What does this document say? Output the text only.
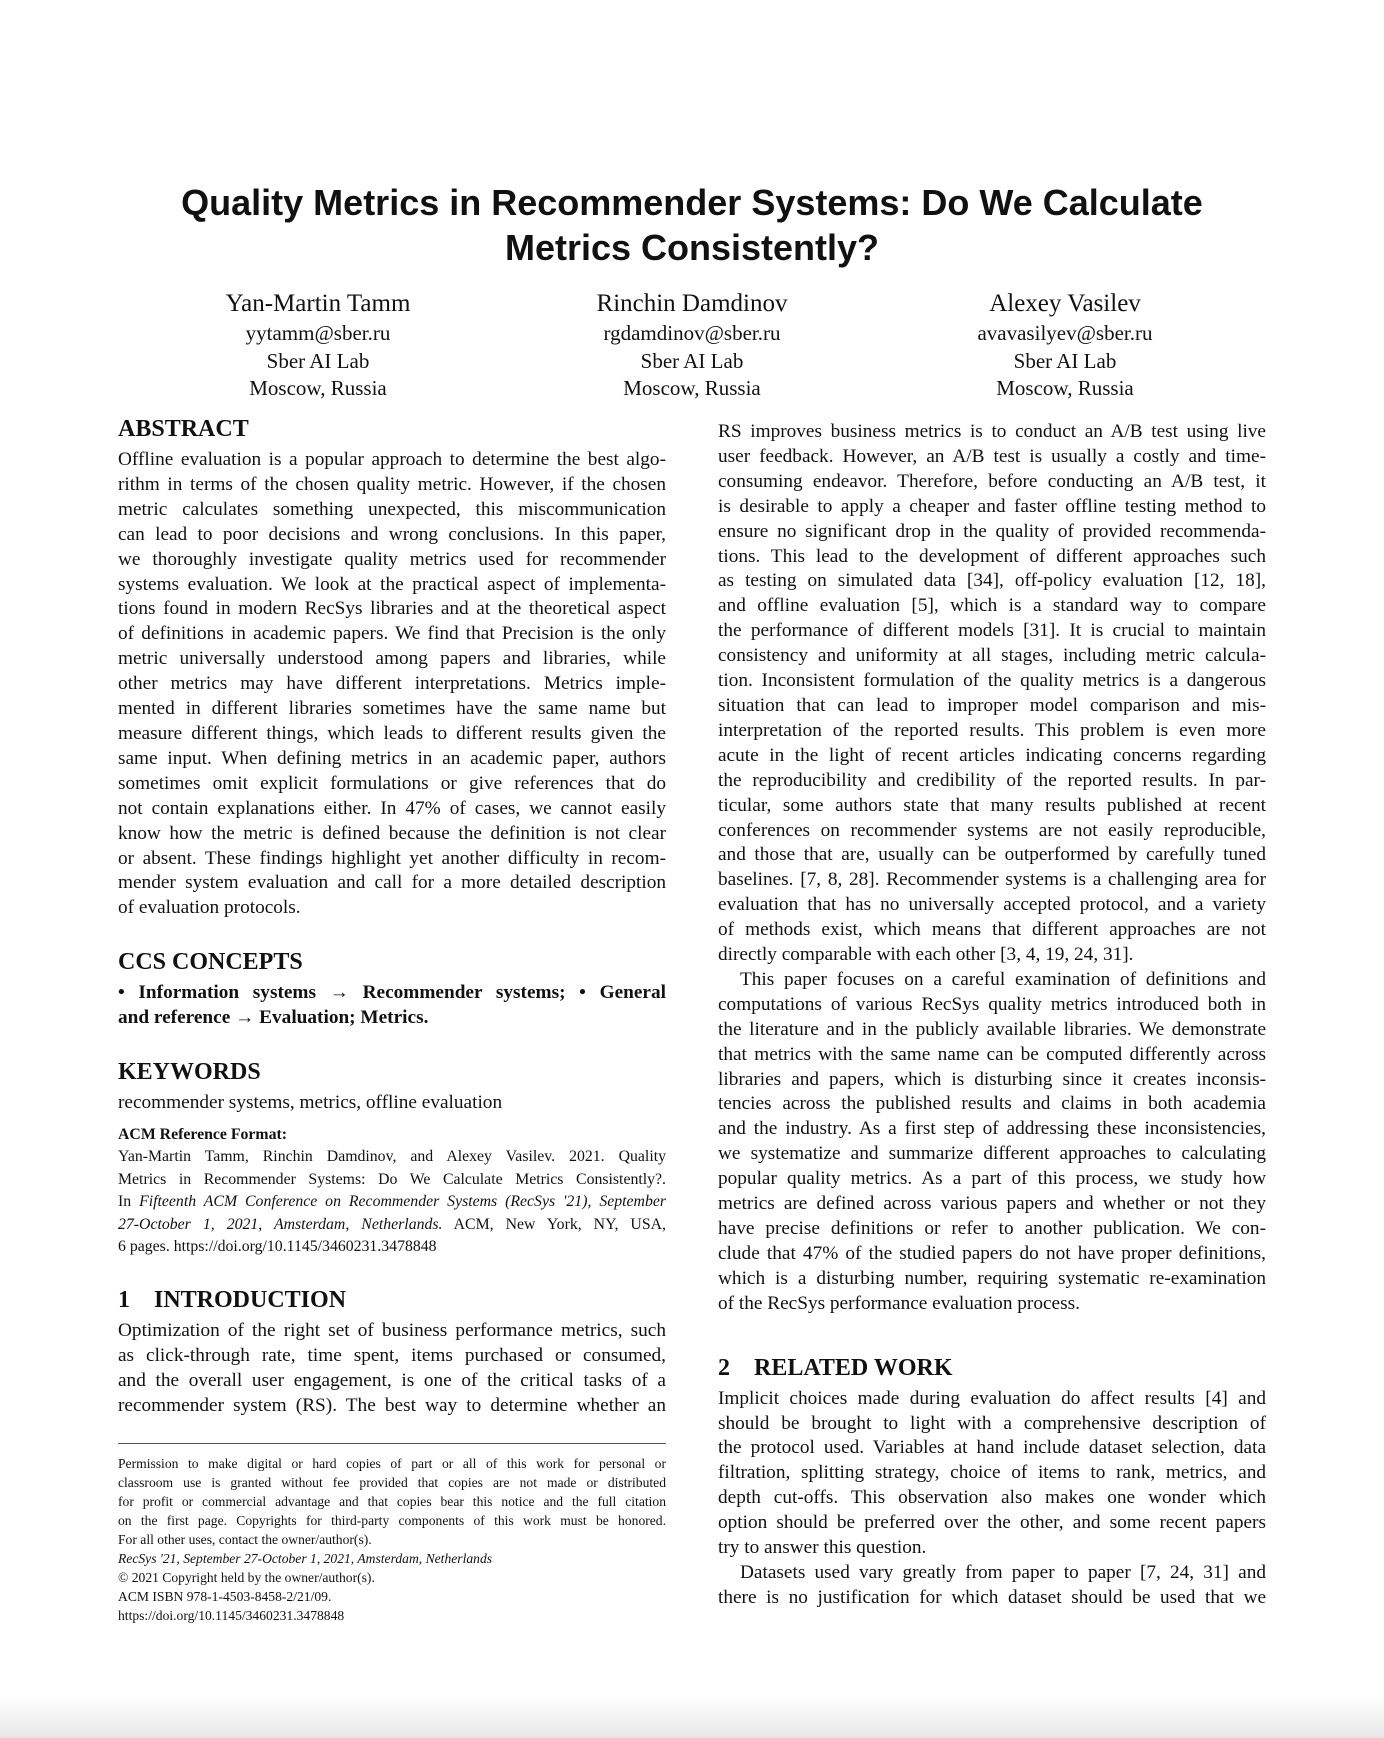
Quality Metrics in Recommender Systems: Do We Calculate
Metrics Consistently?
Yan-Martin Tamm
yytamm@sber.ru
Sber AI Lab
Moscow, Russia
Rinchin Damdinov
rgdamdinov@sber.ru
Sber AI Lab
Moscow, Russia
Alexey Vasilev
avavasilyev@sber.ru
Sber AI Lab
Moscow, Russia
ABSTRACT
Offline evaluation is a popular approach to determine the best algo-
rithm in terms of the chosen quality metric. However, if the chosen
metric calculates something unexpected, this miscommunication
can lead to poor decisions and wrong conclusions. In this paper,
we thoroughly investigate quality metrics used for recommender
systems evaluation. We look at the practical aspect of implementa-
tions found in modern RecSys libraries and at the theoretical aspect
of definitions in academic papers. We find that Precision is the only
metric universally understood among papers and libraries, while
other metrics may have different interpretations. Metrics imple-
mented in different libraries sometimes have the same name but
measure different things, which leads to different results given the
same input. When defining metrics in an academic paper, authors
sometimes omit explicit formulations or give references that do
not contain explanations either. In 47% of cases, we cannot easily
know how the metric is defined because the definition is not clear
or absent. These findings highlight yet another difficulty in recom-
mender system evaluation and call for a more detailed description
of evaluation protocols.
CCS CONCEPTS
• Information systems → Recommender systems; • General
and reference → Evaluation; Metrics.
KEYWORDS
recommender systems, metrics, offline evaluation
ACM Reference Format:
Yan-Martin Tamm, Rinchin Damdinov, and Alexey Vasilev. 2021. Quality
Metrics in Recommender Systems: Do We Calculate Metrics Consistently?.
In Fifteenth ACM Conference on Recommender Systems (RecSys '21), September
27-October 1, 2021, Amsterdam, Netherlands. ACM, New York, NY, USA,
6 pages. https://doi.org/10.1145/3460231.3478848
1 INTRODUCTION
Optimization of the right set of business performance metrics, such
as click-through rate, time spent, items purchased or consumed,
and the overall user engagement, is one of the critical tasks of a
recommender system (RS). The best way to determine whether an
Permission to make digital or hard copies of part or all of this work for personal or
classroom use is granted without fee provided that copies are not made or distributed
for profit or commercial advantage and that copies bear this notice and the full citation
on the first page. Copyrights for third-party components of this work must be honored.
For all other uses, contact the owner/author(s).
RecSys '21, September 27-October 1, 2021, Amsterdam, Netherlands
© 2021 Copyright held by the owner/author(s).
ACM ISBN 978-1-4503-8458-2/21/09.
https://doi.org/10.1145/3460231.3478848
RS improves business metrics is to conduct an A/B test using live
user feedback. However, an A/B test is usually a costly and time-
consuming endeavor. Therefore, before conducting an A/B test, it
is desirable to apply a cheaper and faster offline testing method to
ensure no significant drop in the quality of provided recommenda-
tions. This lead to the development of different approaches such
as testing on simulated data [34], off-policy evaluation [12, 18],
and offline evaluation [5], which is a standard way to compare
the performance of different models [31]. It is crucial to maintain
consistency and uniformity at all stages, including metric calcula-
tion. Inconsistent formulation of the quality metrics is a dangerous
situation that can lead to improper model comparison and mis-
interpretation of the reported results. This problem is even more
acute in the light of recent articles indicating concerns regarding
the reproducibility and credibility of the reported results. In par-
ticular, some authors state that many results published at recent
conferences on recommender systems are not easily reproducible,
and those that are, usually can be outperformed by carefully tuned
baselines. [7, 8, 28]. Recommender systems is a challenging area for
evaluation that has no universally accepted protocol, and a variety
of methods exist, which means that different approaches are not
directly comparable with each other [3, 4, 19, 24, 31].
This paper focuses on a careful examination of definitions and
computations of various RecSys quality metrics introduced both in
the literature and in the publicly available libraries. We demonstrate
that metrics with the same name can be computed differently across
libraries and papers, which is disturbing since it creates inconsis-
tencies across the published results and claims in both academia
and the industry. As a first step of addressing these inconsistencies,
we systematize and summarize different approaches to calculating
popular quality metrics. As a part of this process, we study how
metrics are defined across various papers and whether or not they
have precise definitions or refer to another publication. We con-
clude that 47% of the studied papers do not have proper definitions,
which is a disturbing number, requiring systematic re-examination
of the RecSys performance evaluation process.
2 RELATED WORK
Implicit choices made during evaluation do affect results [4] and
should be brought to light with a comprehensive description of
the protocol used. Variables at hand include dataset selection, data
filtration, splitting strategy, choice of items to rank, metrics, and
depth cut-offs. This observation also makes one wonder which
option should be preferred over the other, and some recent papers
try to answer this question.
Datasets used vary greatly from paper to paper [7, 24, 31] and
there is no justification for which dataset should be used that we
